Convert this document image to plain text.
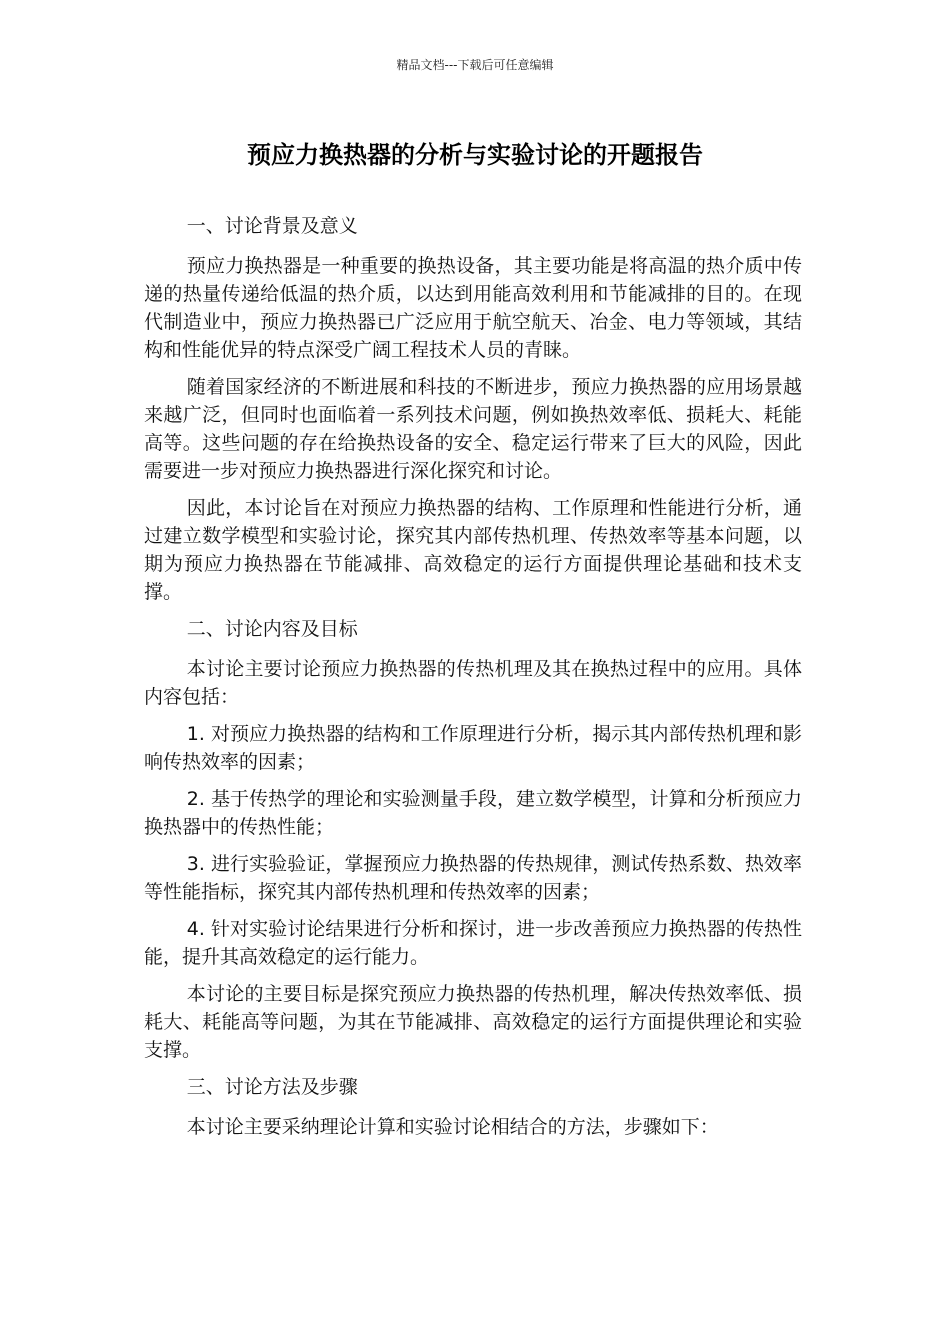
精品文档---下载后可任意编辑
预应力换热器的分析与实验讨论的开题报告

一、讨论背景及意义

预应力换热器是一种重要的换热设备，其主要功能是将高温的热介质中传递的热量传递给低温的热介质，以达到用能高效利用和节能减排的目的。在现代制造业中，预应力换热器已广泛应用于航空航天、冶金、电力等领域，其结构和性能优异的特点深受广阔工程技术人员的青睐。

随着国家经济的不断进展和科技的不断进步，预应力换热器的应用场景越来越广泛，但同时也面临着一系列技术问题，例如换热效率低、损耗大、耗能高等。这些问题的存在给换热设备的安全、稳定运行带来了巨大的风险，因此需要进一步对预应力换热器进行深化探究和讨论。

因此，本讨论旨在对预应力换热器的结构、工作原理和性能进行分析，通过建立数学模型和实验讨论，探究其内部传热机理、传热效率等基本问题，以期为预应力换热器在节能减排、高效稳定的运行方面提供理论基础和技术支撑。

二、讨论内容及目标

本讨论主要讨论预应力换热器的传热机理及其在换热过程中的应用。具体内容包括：

1. 对预应力换热器的结构和工作原理进行分析，揭示其内部传热机理和影响传热效率的因素；

2. 基于传热学的理论和实验测量手段，建立数学模型，计算和分析预应力换热器中的传热性能；

3. 进行实验验证，掌握预应力换热器的传热规律，测试传热系数、热效率等性能指标，探究其内部传热机理和传热效率的因素；

4. 针对实验讨论结果进行分析和探讨，进一步改善预应力换热器的传热性能，提升其高效稳定的运行能力。

本讨论的主要目标是探究预应力换热器的传热机理，解决传热效率低、损耗大、耗能高等问题，为其在节能减排、高效稳定的运行方面提供理论和实验支撑。

三、讨论方法及步骤

本讨论主要采纳理论计算和实验讨论相结合的方法，步骤如下：
